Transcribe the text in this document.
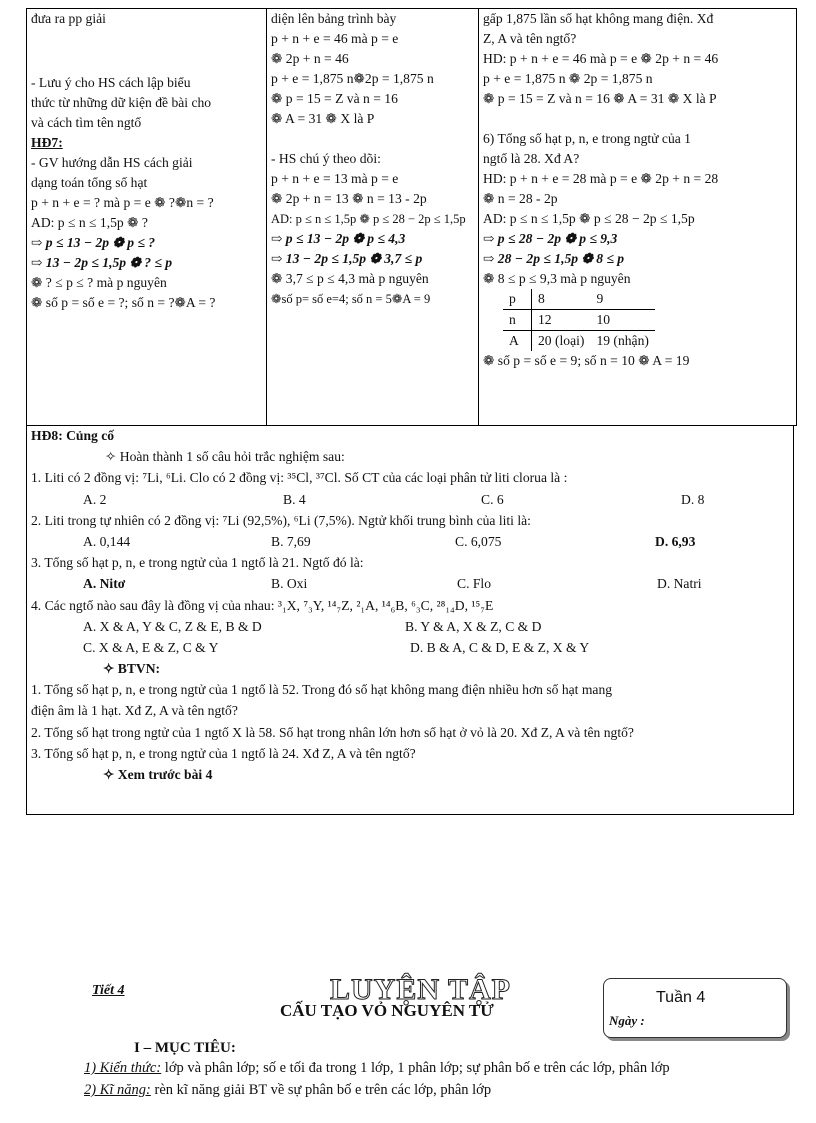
đưa ra pp giải
- Lưu ý cho HS cách lập biểu
thức từ những dữ kiện đề bài cho
và cách tìm tên ngtố
HĐ7:
- GV hướng dẫn HS cách giải
dạng toán tổng số hạt
p + n + e = ? mà p = e ❁ ?❁n = ?
AD: p ≤ n ≤ 1,5p ❁ ?
⇨ p ≤ 13 − 2p ❁ p ≤ ?
⇨ 13 − 2p ≤ 1,5p ❁ ? ≤ p
❁ ? ≤ p ≤ ? mà p nguyên
❁ số p = số e = ?; số n = ?❁A = ?

diện lên bảng trình bày
p + n + e = 46 mà p = e
❁ 2p + n = 46
p + e = 1,875 n❁2p = 1,875 n
❁ p = 15 = Z và n = 16
❁ A = 31 ❁ X là P
- HS chú ý theo dõi:
p + n + e = 13 mà p = e
❁ 2p + n = 13 ❁ n = 13 - 2p
AD: p ≤ n ≤ 1,5p ❁ p ≤ 28 − 2p ≤ 1,5p
⇨ p ≤ 13 − 2p ❁ p ≤ 4,3
⇨ 13 − 2p ≤ 1,5p ❁ 3,7 ≤ p
❁ 3,7 ≤ p ≤ 4,3 mà p nguyên
❁số p= số e=4; số n = 5❁A = 9

gấp 1,875 lần số hạt không mang điện. Xđ
Z, A và tên ngtố?
HD: p + n + e = 46 mà p = e ❁ 2p + n = 46
p + e = 1,875 n ❁ 2p = 1,875 n
❁ p = 15 = Z và n = 16 ❁ A = 31 ❁ X là P
6) Tổng số hạt p, n, e trong ngtử của 1
ngtố là 28. Xđ A?
HD: p + n + e = 28 mà p = e ❁ 2p + n = 28
❁ n = 28 - 2p
AD: p ≤ n ≤ 1,5p ❁ p ≤ 28 − 2p ≤ 1,5p
⇨ p ≤ 28 − 2p ❁ p ≤ 9,3
⇨ 28 − 2p ≤ 1,5p ❁ 8 ≤ p
❁ 8 ≤ p ≤ 9,3 mà p nguyên
p	8	9
n	12	10
A	20 (loại)	19 (nhận)
❁ số p = số e = 9; số n = 10 ❁ A = 19
HĐ8: Củng cố
✧ Hoàn thành 1 số câu hỏi trắc nghiệm sau:
1. Liti có 2 đồng vị: ⁷Li, ⁶Li. Clo có 2 đồng vị: ³⁵Cl, ³⁷Cl. Số CT của các loại phân tử liti clorua là :
A. 2	B. 4	C. 6	D. 8
2. Liti trong tự nhiên có 2 đồng vị: ⁷Li (92,5%), ⁶Li (7,5%). Ngtử khối trung bình của liti là:
A. 0,144	B. 7,69	C. 6,075	D. 6,93
3. Tổng số hạt p, n, e trong ngtử của 1 ngtố là 21. Ngtố đó là:
A. Nitơ	B. Oxi	C. Flo	D. Natri
4. Các ngtố nào sau đây là đồng vị của nhau: ³₁X, ⁷₃Y, ¹⁴₇Z, ²₁A, ¹⁴₆B, ⁶₃C, ²⁸₁₄D, ¹⁵₇E
A. X & A, Y & C, Z & E, B & D	B. Y & A, X & Z, C & D
C. X & A, E & Z, C & Y	D. B & A, C & D, E & Z, X & Y
✧ BTVN:
1. Tổng số hạt p, n, e trong ngtử của 1 ngtố là 52. Trong đó số hạt không mang điện nhiều hơn số hạt mang
điện âm là 1 hạt. Xđ Z, A và tên ngtố?
2. Tổng số hạt trong ngtử của 1 ngtố X là 58. Số hạt trong nhân lớn hơn số hạt ở vỏ là 20. Xđ Z, A và tên ngtố?
3. Tổng số hạt p, n, e trong ngtử của 1 ngtố là 24. Xđ Z, A và tên ngtố?
✧ Xem trước bài 4
Tiết 4	LUYỆN TẬP
CẤU TẠO VỎ NGUYÊN TỬ
Tuần 4
Ngày :
I – MỤC TIÊU:
1) Kiến thức: lớp và phân lớp; số e tối đa trong 1 lớp, 1 phân lớp; sự phân bố e trên các lớp, phân lớp
2) Kĩ năng: rèn kĩ năng giải BT về sự phân bố e trên các lớp, phân lớp
